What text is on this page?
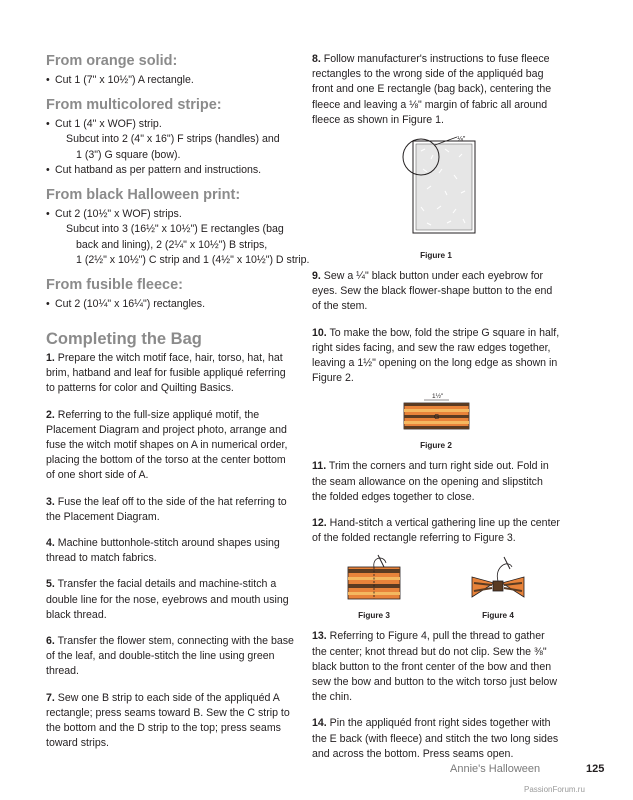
From orange solid:
• Cut 1 (7" x 10½") A rectangle.
From multicolored stripe:
• Cut 1 (4" x WOF) strip.
Subcut into 2 (4" x 16") F strips (handles) and
1 (3") G square (bow).
• Cut hatband as per pattern and instructions.
From black Halloween print:
• Cut 2 (10½" x WOF) strips.
Subcut into 3 (16½" x 10½") E rectangles (bag
back and lining), 2 (2¼" x 10½") B strips,
1 (2½" x 10½") C strip and 1 (4½" x 10½") D strip.
From fusible fleece:
• Cut 2 (10¼" x 16¼") rectangles.
Completing the Bag

1. Prepare the witch motif face, hair, torso, hat, hat brim, hatband and leaf for fusible appliqué referring to patterns for color and Quilting Basics.

2. Referring to the full-size appliqué motif, the Placement Diagram and project photo, arrange and fuse the witch motif shapes on A in numerical order, placing the bottom of the torso at the center bottom of one short side of A.

3. Fuse the leaf off to the side of the hat referring to the Placement Diagram.

4. Machine buttonhole-stitch around shapes using thread to match fabrics.

5. Transfer the facial details and machine-stitch a double line for the nose, eyebrows and mouth using black thread.

6. Transfer the flower stem, connecting with the base of the leaf, and double-stitch the line using green thread.

7. Sew one B strip to each side of the appliquéd A rectangle; press seams toward B. Sew the C strip to the bottom and the D strip to the top; press seams toward strips.

8. Follow manufacturer's instructions to fuse fleece rectangles to the wrong side of the appliquéd bag front and one E rectangle (bag back), centering the fleece and leaving a ⅛" margin of fabric all around fleece as shown in Figure 1.

⅛"
Figure 1

9. Sew a ¼" black button under each eyebrow for eyes. Sew the black flower-shape button to the end of the stem.

10. To make the bow, fold the stripe G square in half, right sides facing, and sew the raw edges together, leaving a 1½" opening on the long edge as shown in Figure 2.

1½"
G
Figure 2

11. Trim the corners and turn right side out. Fold in the seam allowance on the opening and slipstitch the folded edges together to close.

12. Hand-stitch a vertical gathering line up the center of the folded rectangle referring to Figure 3.

Figure 3	Figure 4

13. Referring to Figure 4, pull the thread to gather the center; knot thread but do not clip. Sew the ⅜" black button to the front center of the bow and then sew the bow and button to the witch torso just below the chin.

14. Pin the appliquéd front right sides together with the E back (with fleece) and stitch the two long sides and across the bottom. Press seams open.

Annie's Halloween	125
PassionForum.ru
